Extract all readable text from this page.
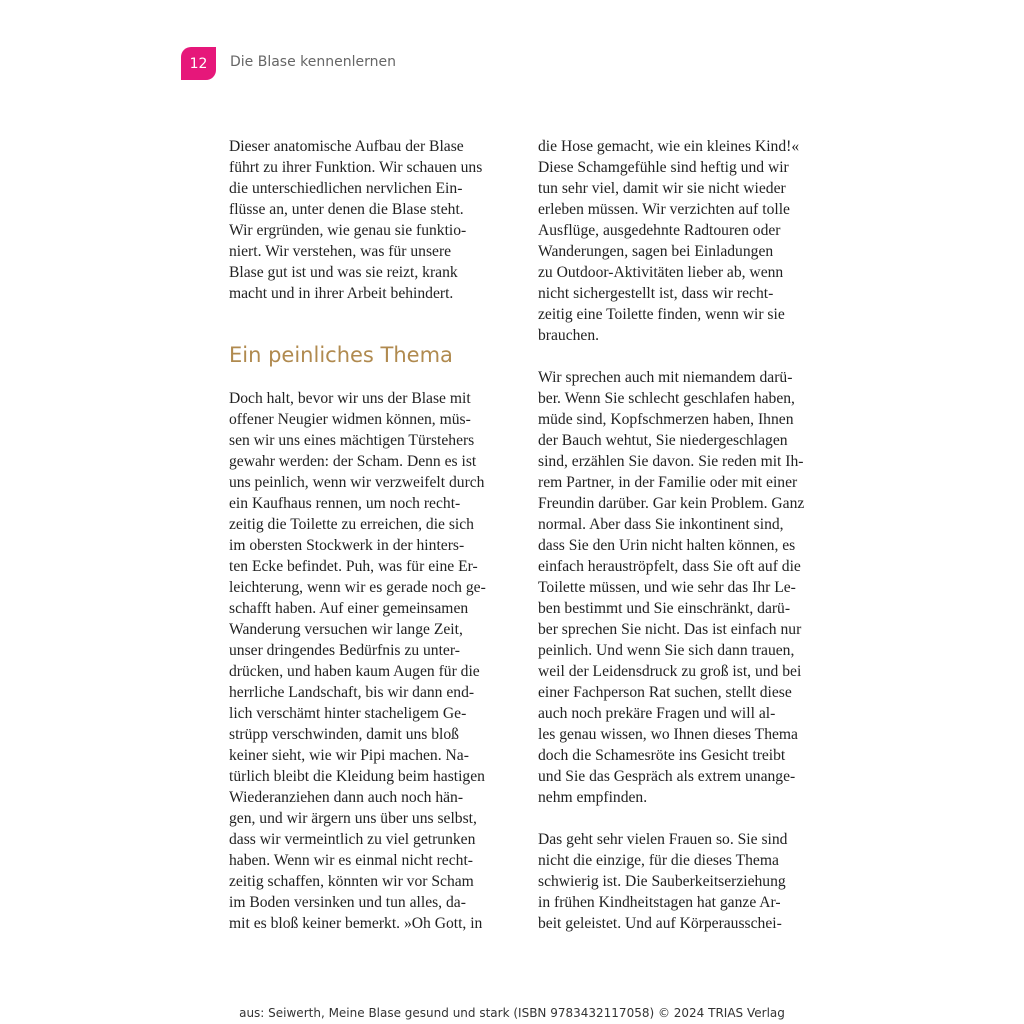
12 Die Blase kennenlernen
Dieser anatomische Aufbau der Blase
führt zu ihrer Funktion. Wir schauen uns
die unterschiedlichen nervlichen Ein-
flüsse an, unter denen die Blase steht.
Wir ergründen, wie genau sie funktio-
niert. Wir verstehen, was für unsere
Blase gut ist und was sie reizt, krank
macht und in ihrer Arbeit behindert.
Ein peinliches Thema
Doch halt, bevor wir uns der Blase mit
offener Neugier widmen können, müs-
sen wir uns eines mächtigen Türstehers
gewahr werden: der Scham. Denn es ist
uns peinlich, wenn wir verzweifelt durch
ein Kaufhaus rennen, um noch recht-
zeitig die Toilette zu erreichen, die sich
im obersten Stockwerk in der hinters-
ten Ecke befindet. Puh, was für eine Er-
leichterung, wenn wir es gerade noch ge-
schafft haben. Auf einer gemeinsamen
Wanderung versuchen wir lange Zeit,
unser dringendes Bedürfnis zu unter-
drücken, und haben kaum Augen für die
herrliche Landschaft, bis wir dann end-
lich verschämt hinter stacheligem Ge-
strüpp verschwinden, damit uns bloß
keiner sieht, wie wir Pipi machen. Na-
türlich bleibt die Kleidung beim hastigen
Wiederanziehen dann auch noch hän-
gen, und wir ärgern uns über uns selbst,
dass wir vermeintlich zu viel getrunken
haben. Wenn wir es einmal nicht recht-
zeitig schaffen, könnten wir vor Scham
im Boden versinken und tun alles, da-
mit es bloß keiner bemerkt. »Oh Gott, in
die Hose gemacht, wie ein kleines Kind!«
Diese Schamgefühle sind heftig und wir
tun sehr viel, damit wir sie nicht wieder
erleben müssen. Wir verzichten auf tolle
Ausflüge, ausgedehnte Radtouren oder
Wanderungen, sagen bei Einladungen
zu Outdoor-Aktivitäten lieber ab, wenn
nicht sichergestellt ist, dass wir recht-
zeitig eine Toilette finden, wenn wir sie
brauchen.
Wir sprechen auch mit niemandem darü-
ber. Wenn Sie schlecht geschlafen haben,
müde sind, Kopfschmerzen haben, Ihnen
der Bauch wehtut, Sie niedergeschlagen
sind, erzählen Sie davon. Sie reden mit Ih-
rem Partner, in der Familie oder mit einer
Freundin darüber. Gar kein Problem. Ganz
normal. Aber dass Sie inkontinent sind,
dass Sie den Urin nicht halten können, es
einfach herauströpfelt, dass Sie oft auf die
Toilette müssen, und wie sehr das Ihr Le-
ben bestimmt und Sie einschränkt, darü-
ber sprechen Sie nicht. Das ist einfach nur
peinlich. Und wenn Sie sich dann trauen,
weil der Leidensdruck zu groß ist, und bei
einer Fachperson Rat suchen, stellt diese
auch noch prekäre Fragen und will al-
les genau wissen, wo Ihnen dieses Thema
doch die Schamesröte ins Gesicht treibt
und Sie das Gespräch als extrem unange-
nehm empfinden.
Das geht sehr vielen Frauen so. Sie sind
nicht die einzige, für die dieses Thema
schwierig ist. Die Sauberkeitserziehung
in frühen Kindheitstagen hat ganze Ar-
beit geleistet. Und auf Körperausschei-
aus: Seiwerth, Meine Blase gesund und stark (ISBN 9783432117058) © 2024 TRIAS Verlag
